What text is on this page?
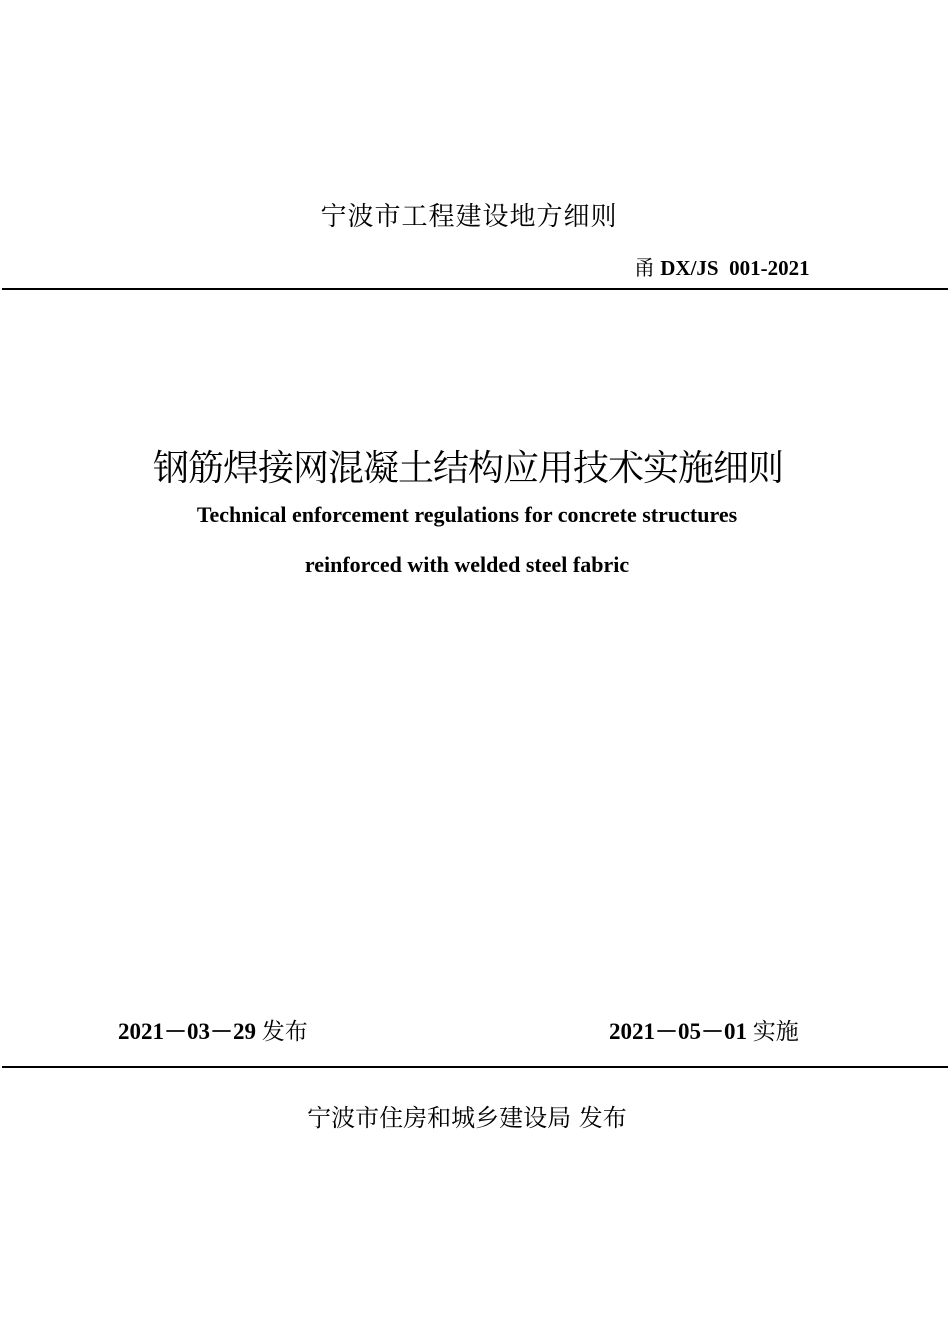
宁波市工程建设地方细则
甬 DX/JS  001-2021
钢筋焊接网混凝土结构应用技术实施细则
Technical enforcement regulations for concrete structures
reinforced with welded steel fabric
2021－03－29 发布	2021－05－01 实施
宁波市住房和城乡建设局 发布
